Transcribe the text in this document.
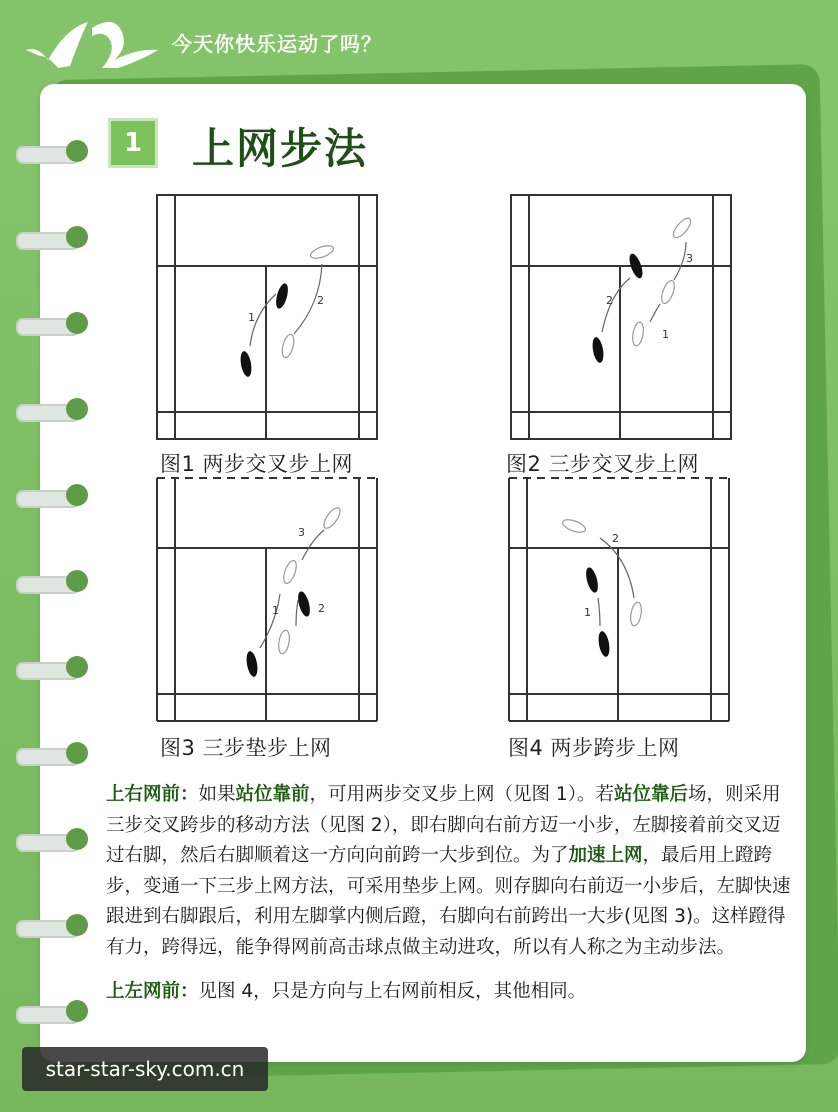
今天你快乐运动了吗？
1	上网步法
1
2
图1 两步交叉步上网
2
3
1
图2 三步交叉步上网
3
1	2
图3 三步垫步上网
2
1
图4 两步跨步上网

上右网前：如果站位靠前，可用两步交叉步上网（见图 1）。若站位靠后场，则采用三步交叉跨步的移动方法（见图 2），即右脚向右前方迈一小步，左脚接着前交叉迈过右脚，然后右脚顺着这一方向向前跨一大步到位。为了加速上网，最后用上蹬跨步，变通一下三步上网方法，可采用垫步上网。则存脚向右前迈一小步后，左脚快速跟进到右脚跟后，利用左脚掌内侧后蹬，右脚向右前跨出一大步(见图 3)。这样蹬得有力，跨得远，能争得网前高击球点做主动进攻，所以有人称之为主动步法。

上左网前：见图 4，只是方向与上右网前相反，其他相同。

star-star-sky.com.cn
